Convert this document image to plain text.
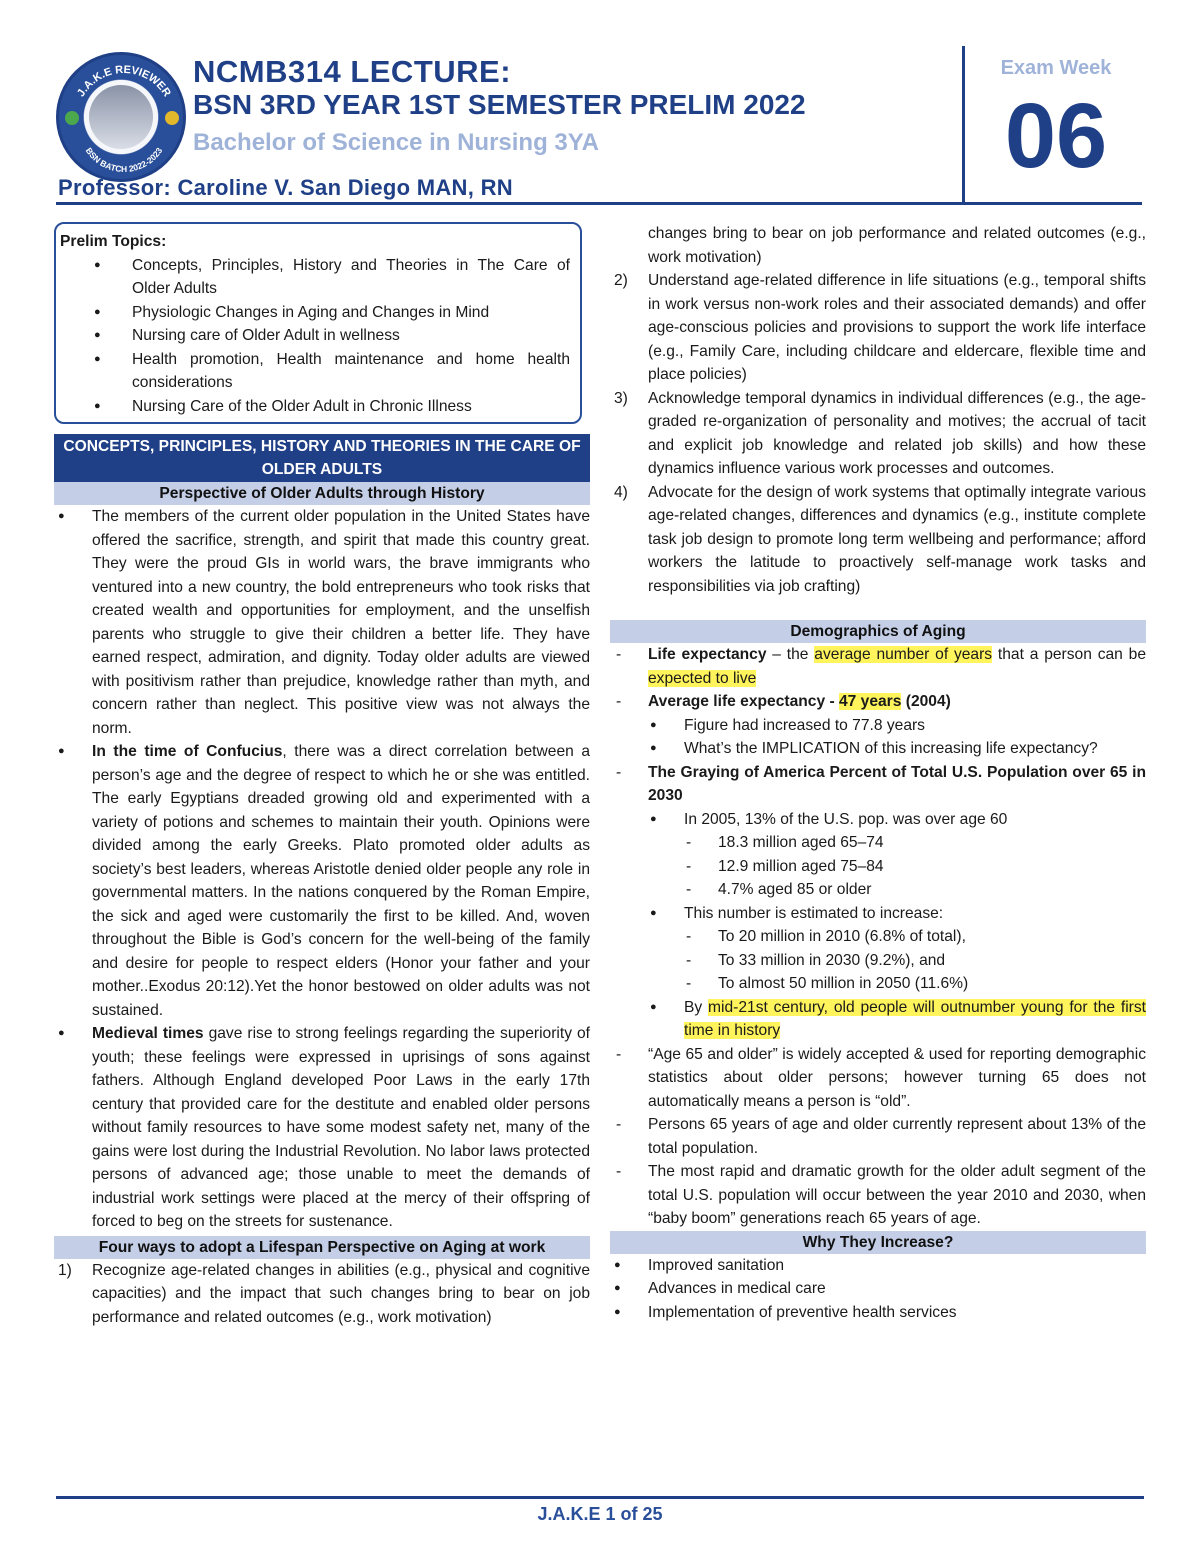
J.A.K.E REVIEWER
BSN BATCH 2022-2023
NCMB314 LECTURE:
BSN 3RD YEAR 1ST SEMESTER PRELIM 2022
Bachelor of Science in Nursing 3YA
Professor: Caroline V. San Diego MAN, RN
Exam Week
06
Prelim Topics:
● Concepts, Principles, History and Theories in The Care of Older Adults
● Physiologic Changes in Aging and Changes in Mind
● Nursing care of Older Adult in wellness
● Health promotion, Health maintenance and home health considerations
● Nursing Care of the Older Adult in Chronic Illness
CONCEPTS, PRINCIPLES, HISTORY AND THEORIES IN THE CARE OF OLDER ADULTS
Perspective of Older Adults through History
● The members of the current older population in the United States have offered the sacrifice, strength, and spirit that made this country great. They were the proud GIs in world wars, the brave immigrants who ventured into a new country, the bold entrepreneurs who took risks that created wealth and opportunities for employment, and the unselfish parents who struggle to give their children a better life. They have earned respect, admiration, and dignity. Today older adults are viewed with positivism rather than prejudice, knowledge rather than myth, and concern rather than neglect. This positive view was not always the norm.
● In the time of Confucius, there was a direct correlation between a person’s age and the degree of respect to which he or she was entitled. The early Egyptians dreaded growing old and experimented with a variety of potions and schemes to maintain their youth. Opinions were divided among the early Greeks. Plato promoted older adults as society’s best leaders, whereas Aristotle denied older people any role in governmental matters. In the nations conquered by the Roman Empire, the sick and aged were customarily the first to be killed. And, woven throughout the Bible is God’s concern for the well-being of the family and desire for people to respect elders (Honor your father and your mother..Exodus 20:12).Yet the honor bestowed on older adults was not sustained.
● Medieval times gave rise to strong feelings regarding the superiority of youth; these feelings were expressed in uprisings of sons against fathers. Although England developed Poor Laws in the early 17th century that provided care for the destitute and enabled older persons without family resources to have some modest safety net, many of the gains were lost during the Industrial Revolution. No labor laws protected persons of advanced age; those unable to meet the demands of industrial work settings were placed at the mercy of their offspring of forced to beg on the streets for sustenance.
Four ways to adopt a Lifespan Perspective on Aging at work
1) Recognize age-related changes in abilities (e.g., physical and cognitive capacities) and the impact that such changes bring to bear on job performance and related outcomes (e.g., work motivation)
changes bring to bear on job performance and related outcomes (e.g., work motivation)
2) Understand age-related difference in life situations (e.g., temporal shifts in work versus non-work roles and their associated demands) and offer age-conscious policies and provisions to support the work life interface (e.g., Family Care, including childcare and eldercare, flexible time and place policies)
3) Acknowledge temporal dynamics in individual differences (e.g., the age-graded re-organization of personality and motives; the accrual of tacit and explicit job knowledge and related job skills) and how these dynamics influence various work processes and outcomes.
4) Advocate for the design of work systems that optimally integrate various age-related changes, differences and dynamics (e.g., institute complete task job design to promote long term wellbeing and performance; afford workers the latitude to proactively self-manage work tasks and responsibilities via job crafting)
Demographics of Aging
- Life expectancy – the average number of years that a person can be expected to live
- Average life expectancy - 47 years (2004)
● Figure had increased to 77.8 years
● What’s the IMPLICATION of this increasing life expectancy?
- The Graying of America Percent of Total U.S. Population over 65 in 2030
● In 2005, 13% of the U.S. pop. was over age 60
- 18.3 million aged 65–74
- 12.9 million aged 75–84
- 4.7% aged 85 or older
● This number is estimated to increase:
- To 20 million in 2010 (6.8% of total),
- To 33 million in 2030 (9.2%), and
- To almost 50 million in 2050 (11.6%)
● By mid-21st century, old people will outnumber young for the first time in history
- “Age 65 and older” is widely accepted & used for reporting demographic statistics about older persons; however turning 65 does not automatically means a person is “old”.
- Persons 65 years of age and older currently represent about 13% of the total population.
- The most rapid and dramatic growth for the older adult segment of the total U.S. population will occur between the year 2010 and 2030, when “baby boom” generations reach 65 years of age.
Why They Increase?
● Improved sanitation
● Advances in medical care
● Implementation of preventive health services
J.A.K.E 1 of 25
